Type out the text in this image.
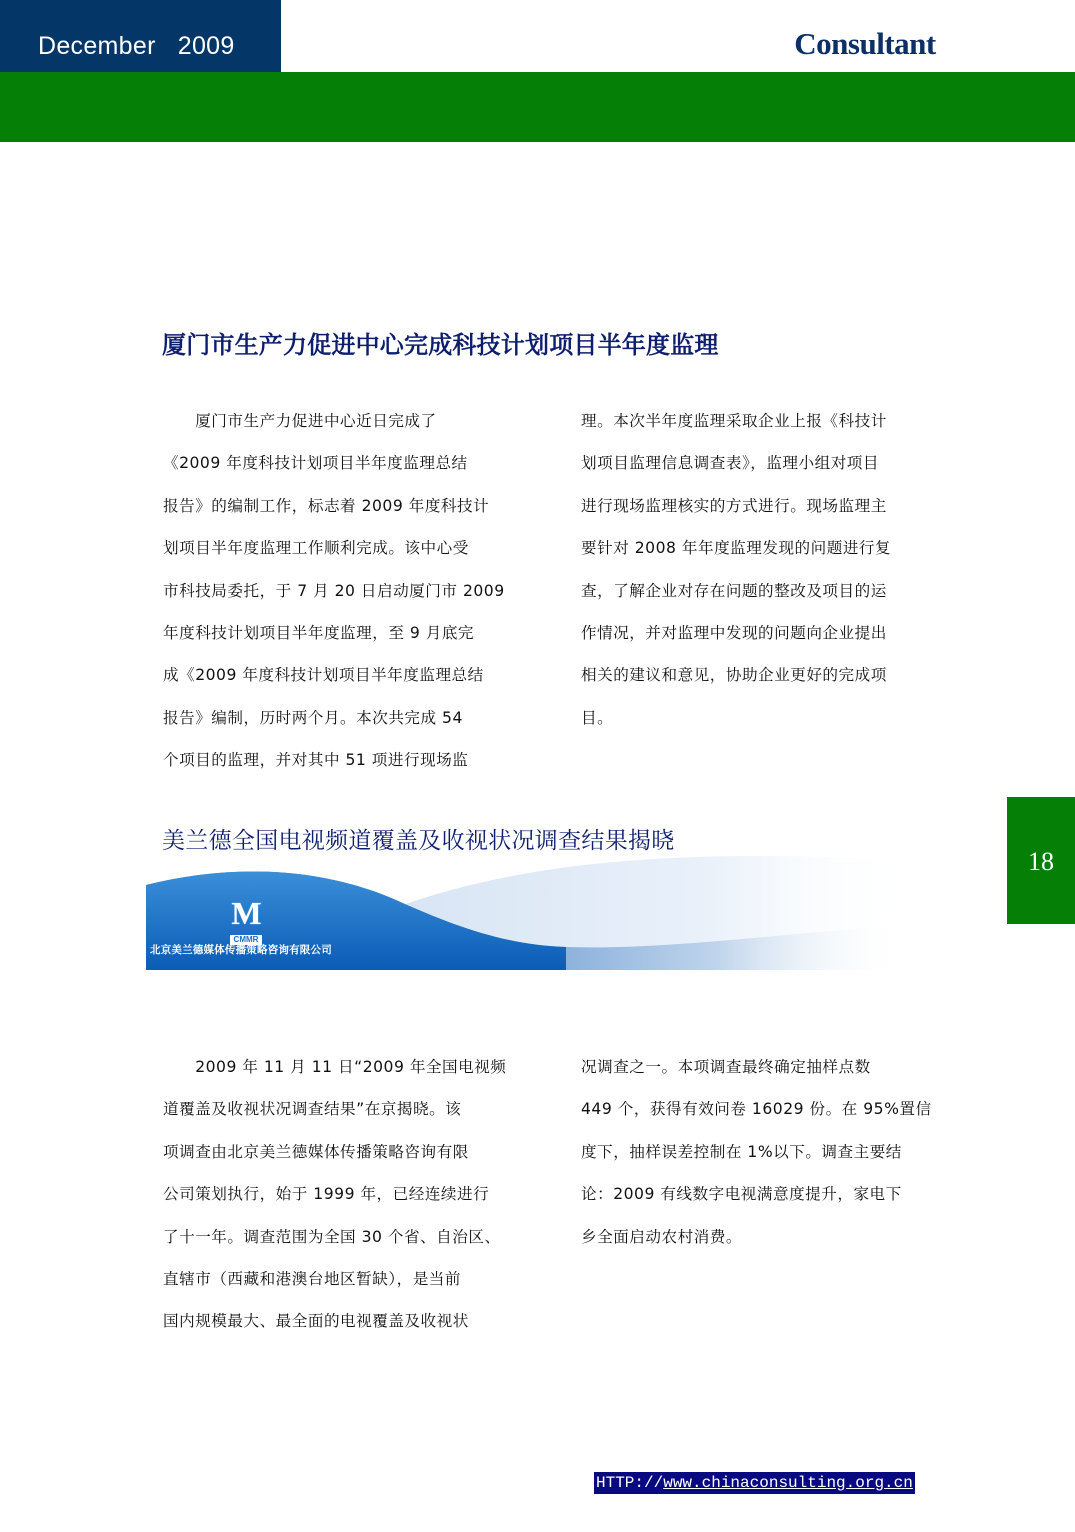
December 2009	Consultant
18
厦门市生产力促进中心完成科技计划项目半年度监理

　　厦门市生产力促进中心近日完成了

《2009 年度科技计划项目半年度监理总结

报告》的编制工作，标志着 2009 年度科技计

划项目半年度监理工作顺利完成。该中心受

市科技局委托，于 7 月 20 日启动厦门市 2009

年度科技计划项目半年度监理，至 9 月底完

成《2009 年度科技计划项目半年度监理总结

报告》编制，历时两个月。本次共完成 54

个项目的监理，并对其中 51 项进行现场监

理。本次半年度监理采取企业上报《科技计

划项目监理信息调查表》，监理小组对项目

进行现场监理核实的方式进行。现场监理主

要针对 2008 年年度监理发现的问题进行复

查，了解企业对存在问题的整改及项目的运

作情况，并对监理中发现的问题向企业提出

相关的建议和意见，协助企业更好的完成项

目。

M
CMMR
北京美兰德媒体传播策略咨询有限公司
美兰德全国电视频道覆盖及收视状况调查结果揭晓

　　2009 年 11 月 11 日“2009 年全国电视频

道覆盖及收视状况调查结果”在京揭晓。该

项调查由北京美兰德媒体传播策略咨询有限

公司策划执行，始于 1999 年，已经连续进行

了十一年。调查范围为全国 30 个省、自治区、

直辖市（西藏和港澳台地区暂缺），是当前

国内规模最大、最全面的电视覆盖及收视状

况调查之一。本项调查最终确定抽样点数

449 个，获得有效问卷 16029 份。在 95%置信

度下，抽样误差控制在 1%以下。调查主要结

论：2009 有线数字电视满意度提升，家电下

乡全面启动农村消费。

HTTP://www.chinaconsulting.org.cn
